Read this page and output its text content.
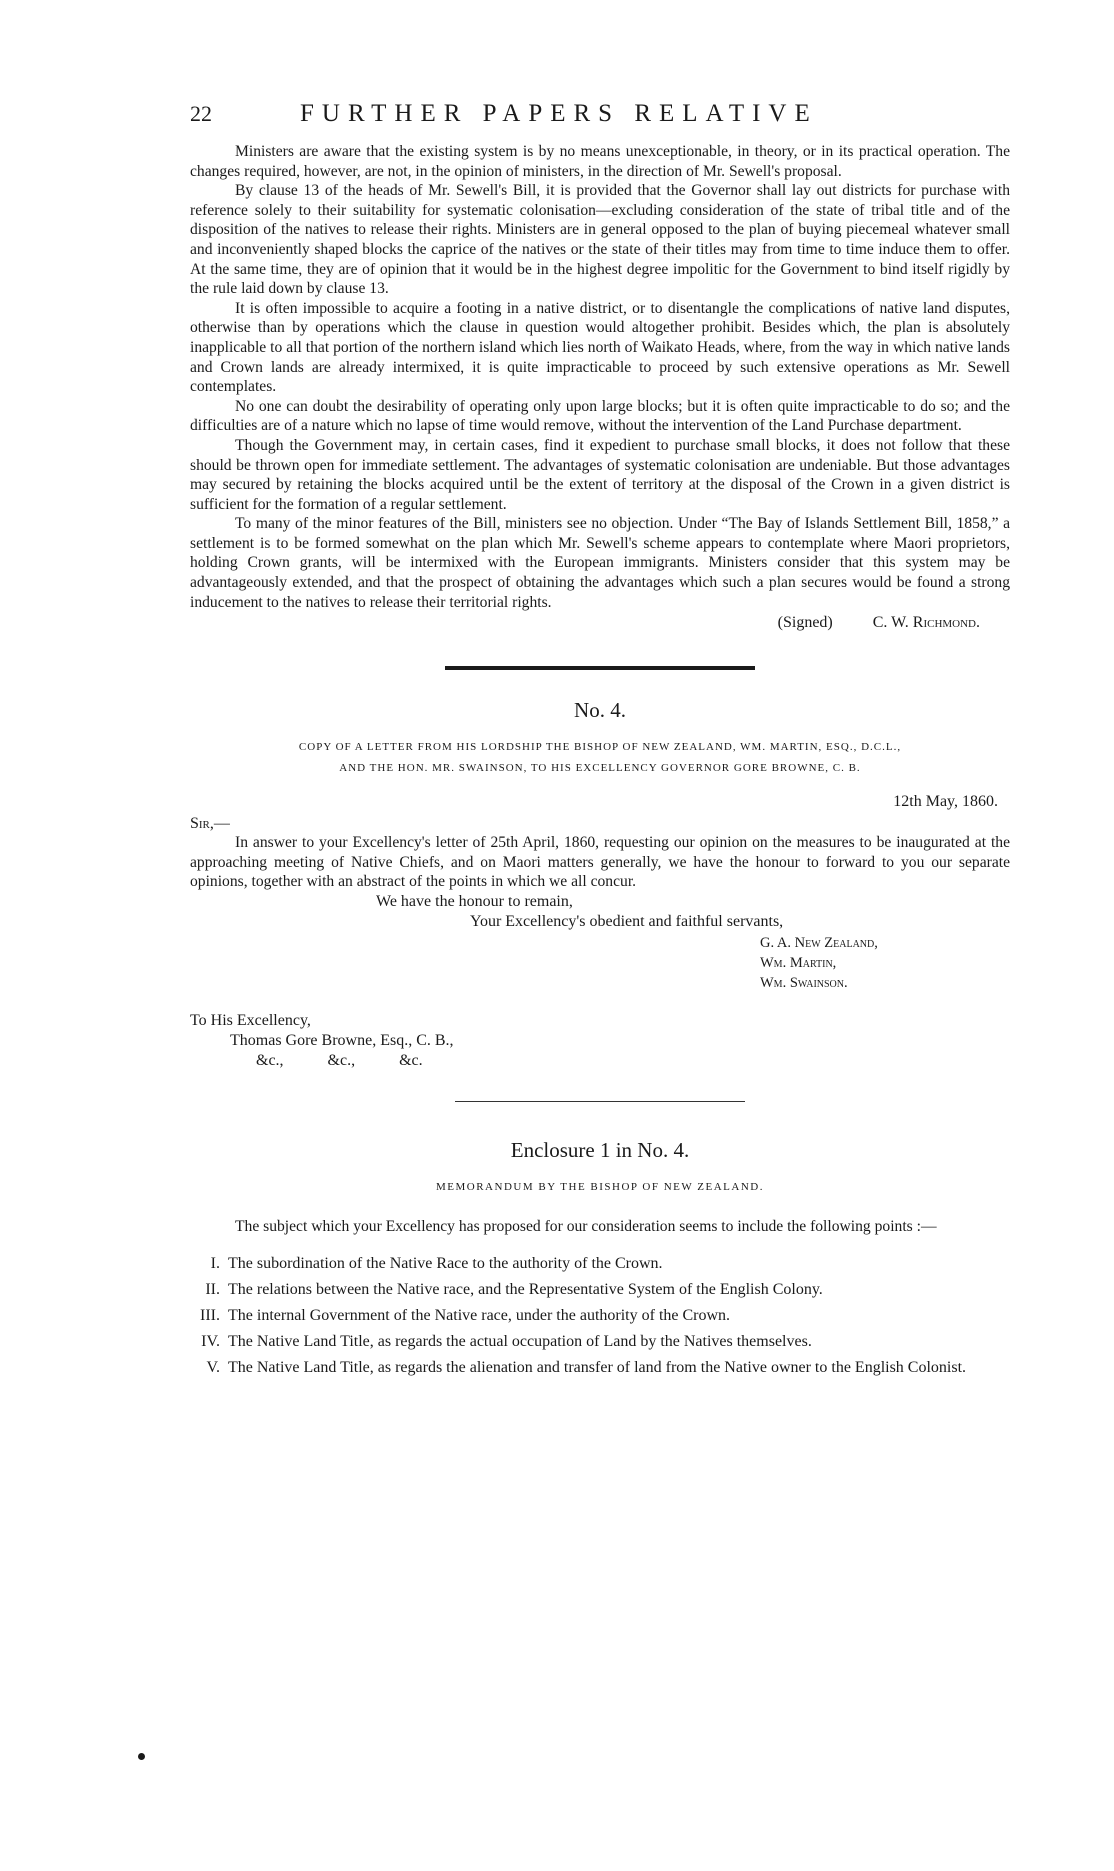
22	FURTHER PAPERS RELATIVE

Ministers are aware that the existing system is by no means unexceptionable, in theory, or in its practical operation. The changes required, however, are not, in the opinion of ministers, in the direction of Mr. Sewell's proposal.

By clause 13 of the heads of Mr. Sewell's Bill, it is provided that the Governor shall lay out districts for purchase with reference solely to their suitability for systematic colonisation—excluding consideration of the state of tribal title and of the disposition of the natives to release their rights. Ministers are in general opposed to the plan of buying piecemeal whatever small and inconveniently shaped blocks the caprice of the natives or the state of their titles may from time to time induce them to offer. At the same time, they are of opinion that it would be in the highest degree impolitic for the Government to bind itself rigidly by the rule laid down by clause 13.

It is often impossible to acquire a footing in a native district, or to disentangle the complications of native land disputes, otherwise than by operations which the clause in question would altogether prohibit. Besides which, the plan is absolutely inapplicable to all that portion of the northern island which lies north of Waikato Heads, where, from the way in which native lands and Crown lands are already intermixed, it is quite impracticable to proceed by such extensive operations as Mr. Sewell contemplates.

No one can doubt the desirability of operating only upon large blocks; but it is often quite impracticable to do so; and the difficulties are of a nature which no lapse of time would remove, without the intervention of the Land Purchase department.

Though the Government may, in certain cases, find it expedient to purchase small blocks, it does not follow that these should be thrown open for immediate settlement. The advantages of systematic colonisation are undeniable. But those advantages may secured by retaining the blocks acquired until be the extent of territory at the disposal of the Crown in a given district is sufficient for the formation of a regular settlement.

To many of the minor features of the Bill, ministers see no objection. Under “The Bay of Islands Settlement Bill, 1858,” a settlement is to be formed somewhat on the plan which Mr. Sewell's scheme appears to contemplate where Maori proprietors, holding Crown grants, will be intermixed with the European immigrants. Ministers consider that this system may be advantageously extended, and that the prospect of obtaining the advantages which such a plan secures would be found a strong inducement to the natives to release their territorial rights.

(Signed)	C. W. Richmond.
No. 4.
COPY OF A LETTER FROM HIS LORDSHIP THE BISHOP OF NEW ZEALAND, WM. MARTIN, ESQ., D.C.L.,
AND THE HON. MR. SWAINSON, TO HIS EXCELLENCY GOVERNOR GORE BROWNE, C. B.
12th May, 1860.
Sir,—

In answer to your Excellency's letter of 25th April, 1860, requesting our opinion on the measures to be inaugurated at the approaching meeting of Native Chiefs, and on Maori matters generally, we have the honour to forward to you our separate opinions, together with an abstract of the points in which we all concur.

We have the honour to remain,
Your Excellency's obedient and faithful servants,
G. A. New Zealand,
Wm. Martin,
Wm. Swainson.
To His Excellency,
Thomas Gore Browne, Esq., C. B.,
&c., &c., &c.
Enclosure 1 in No. 4.
MEMORANDUM BY THE BISHOP OF NEW ZEALAND.

The subject which your Excellency has proposed for our consideration seems to include the following points :—

I. The subordination of the Native Race to the authority of the Crown.
II. The relations between the Native race, and the Representative System of the English Colony.
III. The internal Government of the Native race, under the authority of the Crown.
IV. The Native Land Title, as regards the actual occupation of Land by the Natives themselves.
V. The Native Land Title, as regards the alienation and transfer of land from the Native owner to the English Colonist.
